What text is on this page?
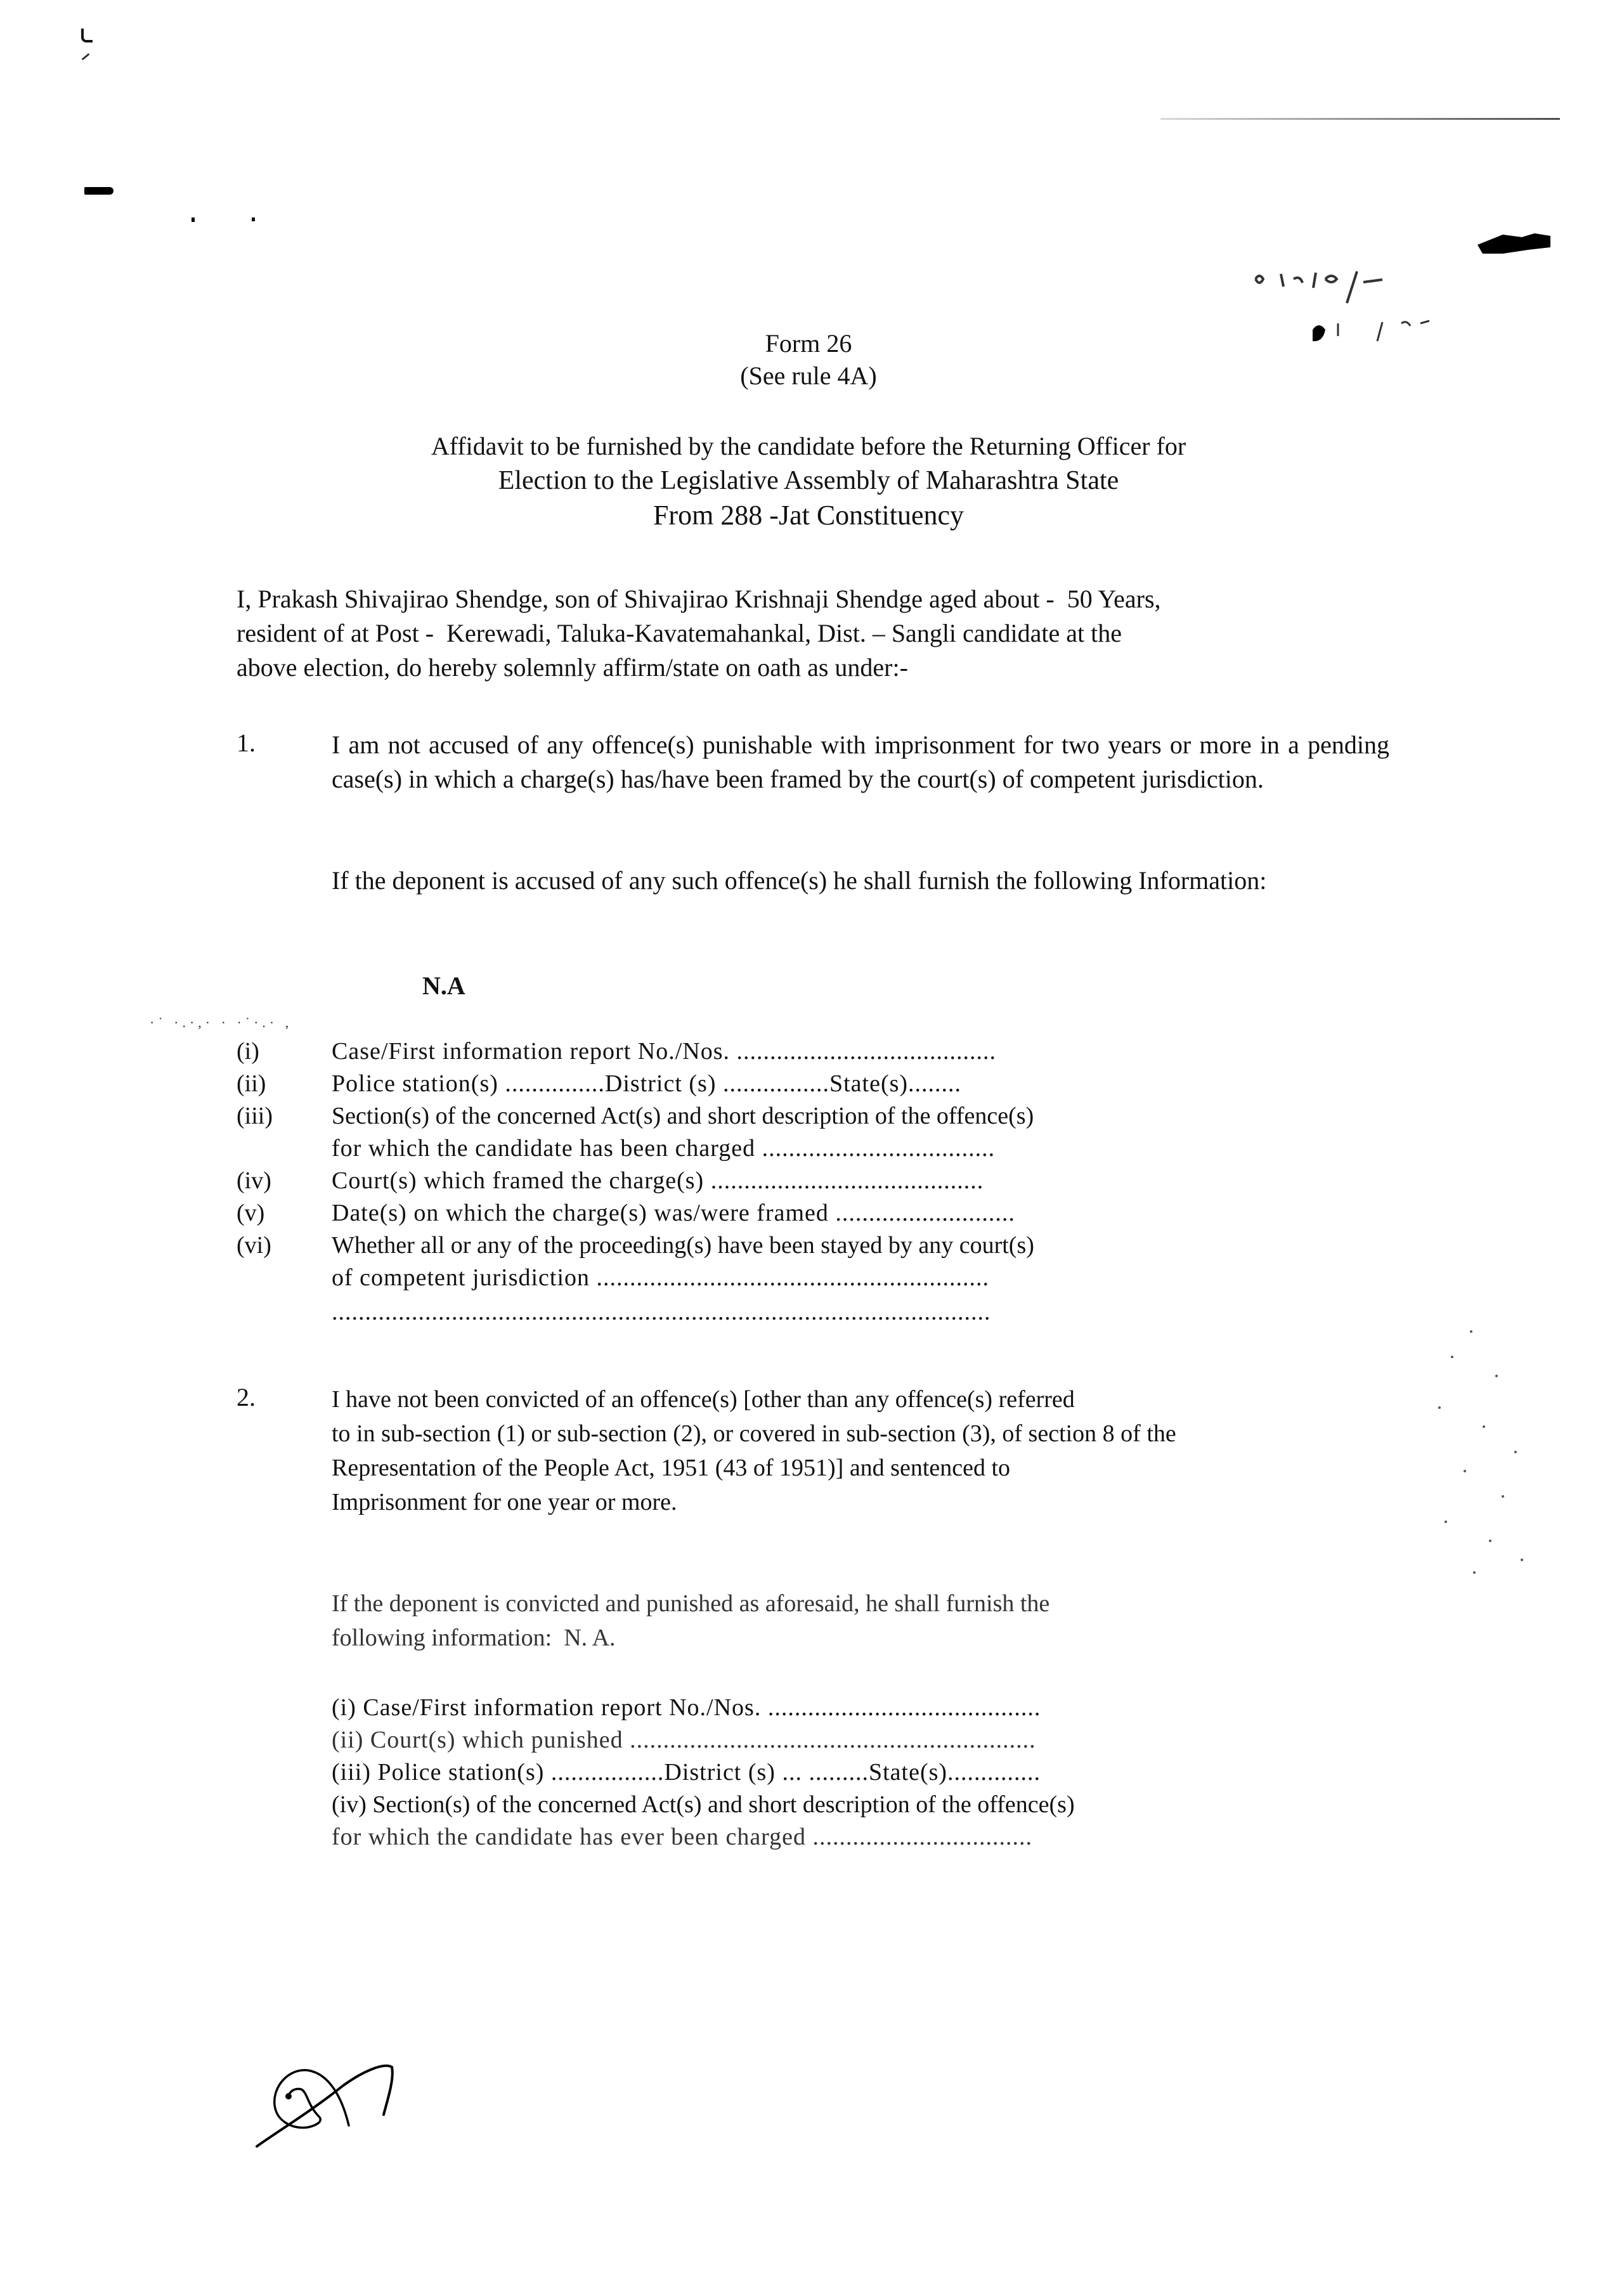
Form 26
(See rule 4A)
Affidavit to be furnished by the candidate before the Returning Officer for
Election to the Legislative Assembly of Maharashtra State
From 288 -Jat Constituency
I, Prakash Shivajirao Shendge, son of Shivajirao Krishnaji Shendge aged about -  50 Years,
resident of at Post -  Kerewadi, Taluka-Kavatemahankal, Dist. – Sangli candidate at the
above election, do hereby solemnly affirm/state on oath as under:-
1.	I am not accused of any offence(s) punishable with imprisonment for two years or more in a pending case(s) in which a charge(s) has/have been framed by the court(s) of competent jurisdiction.
If the deponent is accused of any such offence(s) he shall furnish the following Information:
N.A
·˙ ·.·,· · ·˙·.· ,
(i)	Case/First information report No./Nos. .......................................
(ii)	Police station(s) ...............District (s) ................State(s)........
(iii) Section(s) of the concerned Act(s) and short description of the offence(s)
for which the candidate has been charged ...................................
(iv)	Court(s) which framed the charge(s) .........................................
(v)	Date(s) on which the charge(s) was/were framed ...........................
(vi)	Whether all or any of the proceeding(s) have been stayed by any court(s)
of competent jurisdiction ...........................................................
...................................................................................................
2.	I have not been convicted of an offence(s) [other than any offence(s) referred
to in sub-section (1) or sub-section (2), or covered in sub-section (3), of section 8 of the
Representation of the People Act, 1951 (43 of 1951)] and sentenced to
Imprisonment for one year or more.
If the deponent is convicted and punished as aforesaid, he shall furnish the
following information:  N. A.
(i) Case/First information report No./Nos. .........................................
(ii) Court(s) which punished .............................................................
(iii) Police station(s) .................District (s) ... .........State(s)..............
(iv) Section(s) of the concerned Act(s) and short description of the offence(s)
for which the candidate has ever been charged .................................
